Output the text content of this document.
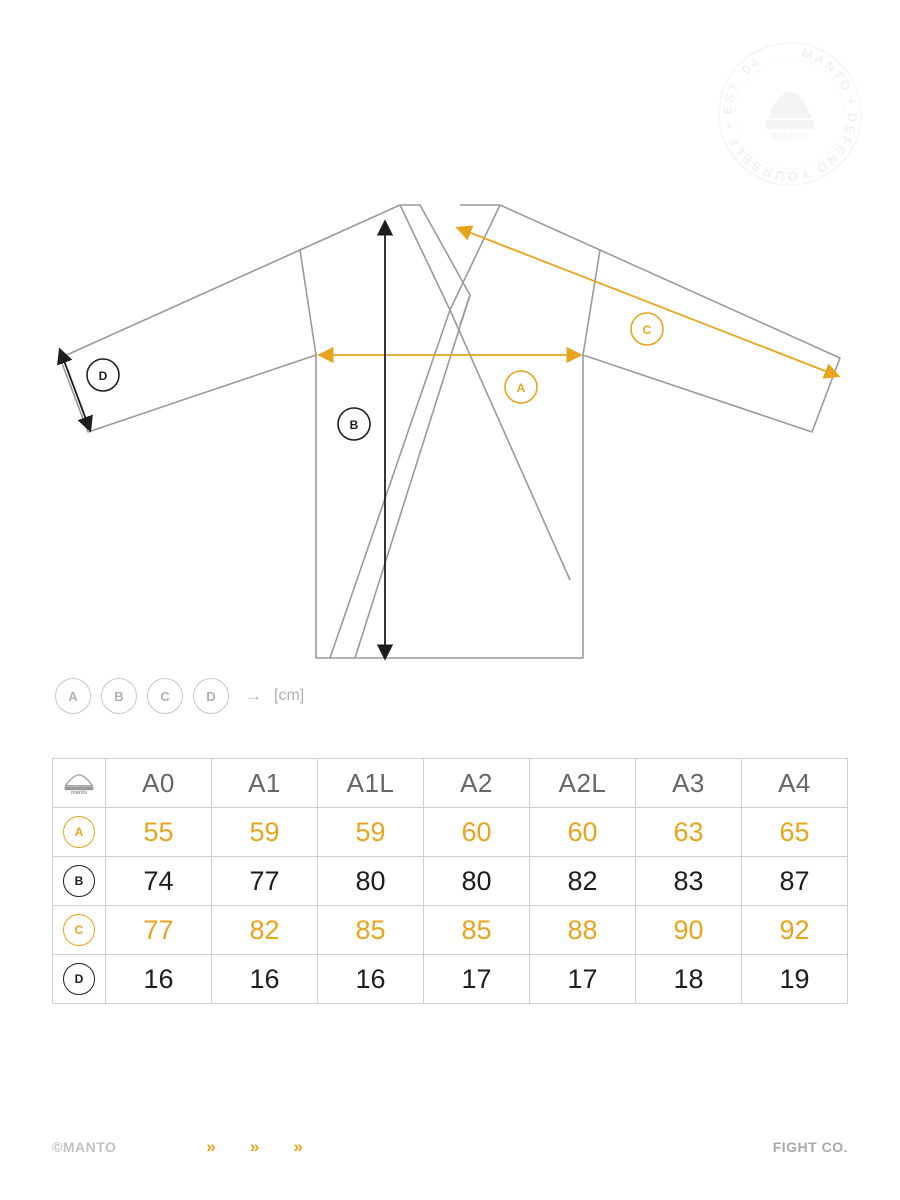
MANTO • DEFEND YOURSELF • EST. 04
manto
A
B
C
D
A	B	C	D	→ [cm]
manto	A0	A1	A1L	A2	A2L	A3	A4
A	55	59	59	60	60	63	65
B	74	77	80	80	82	83	87
C	77	82	85	85	88	90	92
D	16	16	16	17	17	18	19
©MANTO	» » »	FIGHT CO.
